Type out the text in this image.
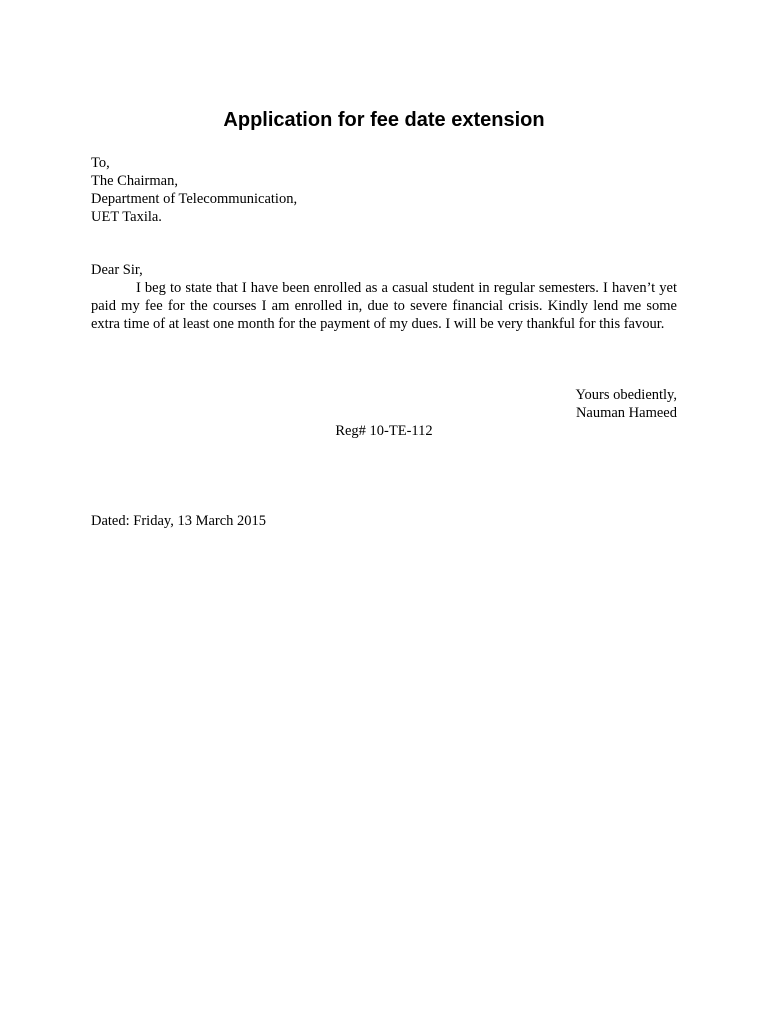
Application for fee date extension
To,
The Chairman,
Department of Telecommunication,
UET Taxila.
Dear Sir,
I beg to state that I have been enrolled as a casual student in regular semesters. I haven’t yet paid my fee for the courses I am enrolled in, due to severe financial crisis. Kindly lend me some extra time of at least one month for the payment of my dues. I will be very thankful for this favour.
Yours obediently,
Nauman Hameed
Reg# 10-TE-112
Dated: Friday, 13 March 2015
